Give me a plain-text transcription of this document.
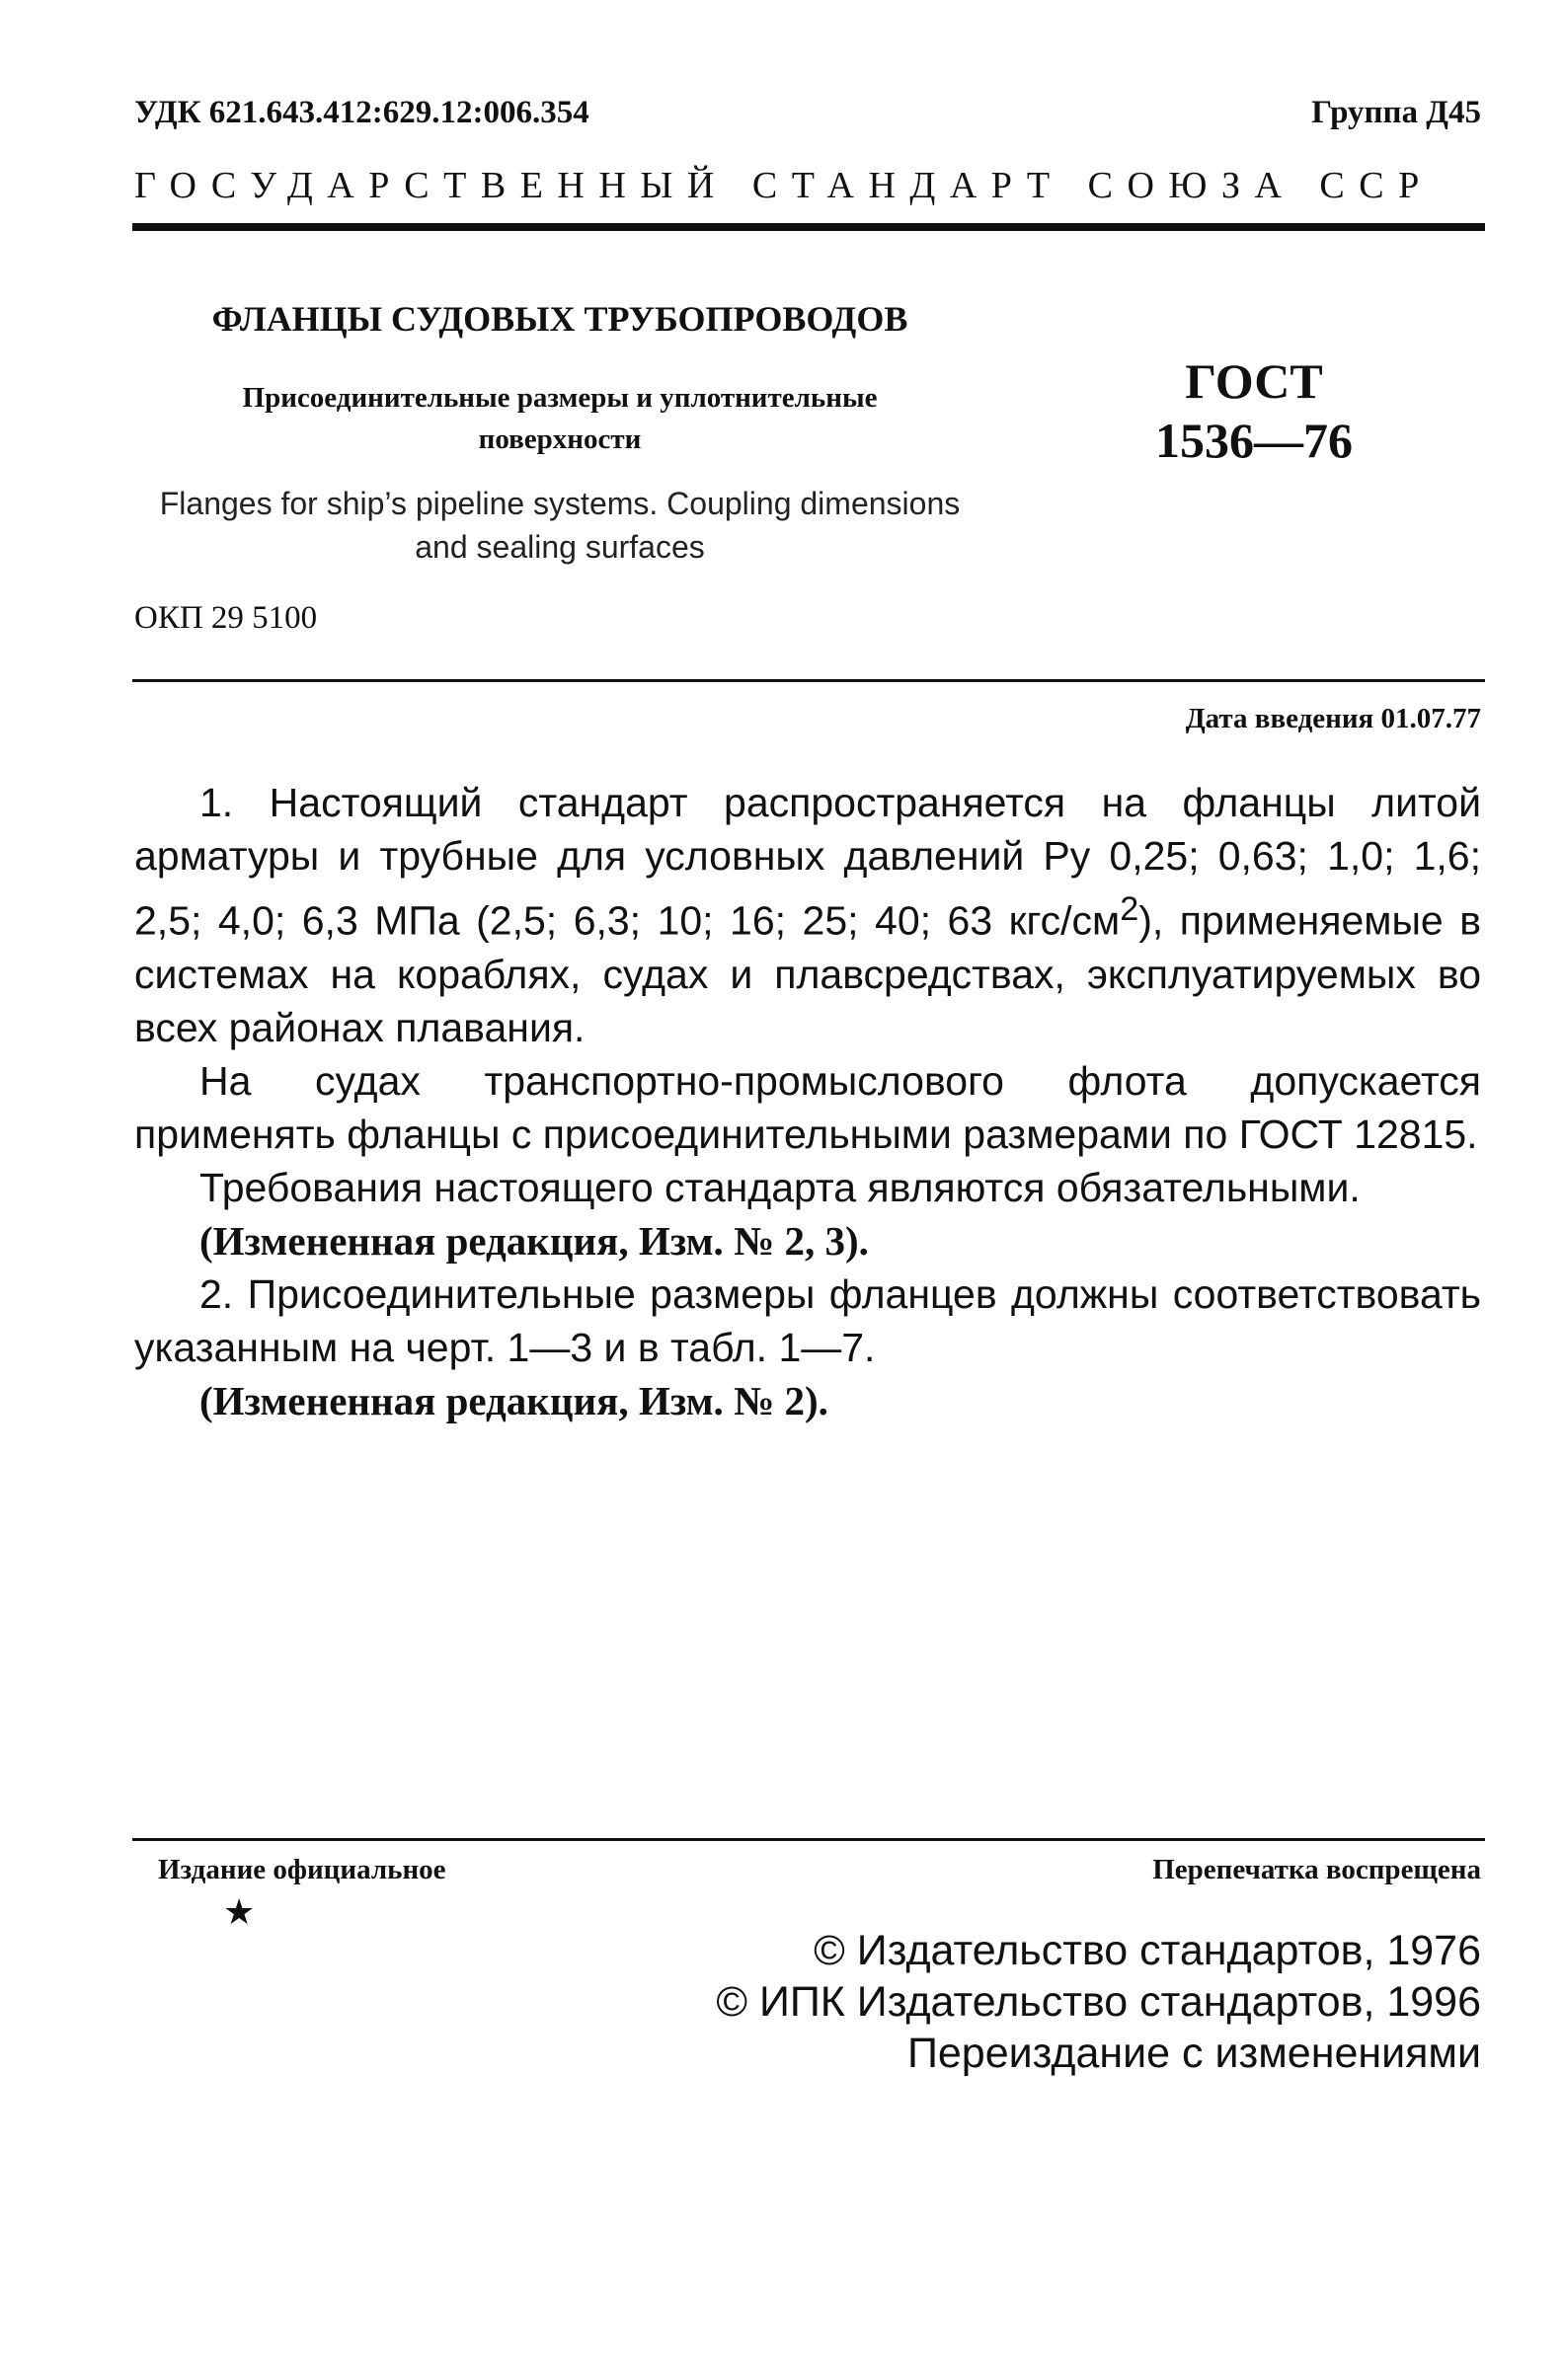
УДК 621.643.412:629.12:006.354	Группа Д45
ГОСУДАРСТВЕННЫЙ СТАНДАРТ СОЮЗА ССР
ФЛАНЦЫ СУДОВЫХ ТРУБОПРОВОДОВ
Присоединительные размеры и уплотнительные
поверхности
Flanges for ship’s pipeline systems. Coupling dimensions
and sealing surfaces
ГОСТ
1536—76
ОКП 29 5100
Дата введения 01.07.77

1. Настоящий стандарт распространяется на фланцы литой арматуры и трубные для условных давлений Ру 0,25; 0,63; 1,0; 1,6; 2,5; 4,0; 6,3 МПа (2,5; 6,3; 10; 16; 25; 40; 63 кгс/$см^2$), применяемые в системах на кораблях, судах и плавсредствах, эксплуатируемых во всех районах плавания.

На судах транспортно-промыслового флота допускается применять фланцы с присоединительными размерами по ГОСТ 12815.

Требования настоящего стандарта являются обязательными.

(Измененная редакция, Изм. № 2, 3).

2. Присоединительные размеры фланцев должны соответствовать указанным на черт. 1—3 и в табл. 1—7.

(Измененная редакция, Изм. № 2).

Издание официальное
★
Перепечатка воспрещена
© Издательство стандартов, 1976
© ИПК Издательство стандартов, 1996
Переиздание с изменениями
